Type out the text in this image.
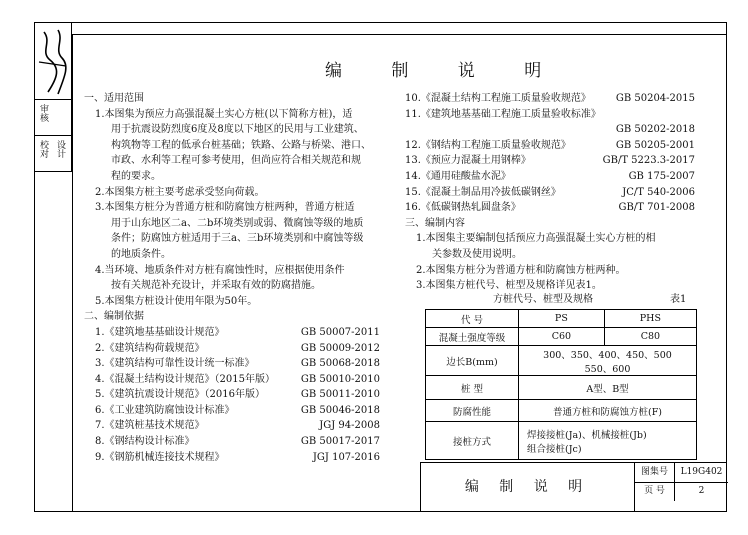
审核
校对 设计
编 制 说 明
一、适用范围
1.本图集为预应力高强混凝土实心方桩(以下简称方桩)，适
用于抗震设防烈度6度及8度以下地区的民用与工业建筑、
构筑物等工程的低承台桩基础；铁路、公路与桥梁、港口、
市政、水利等工程可参考使用，但尚应符合相关规范和规
程的要求。
2.本图集方桩主要考虑承受竖向荷载。
3.本图集方桩分为普通方桩和防腐蚀方桩两种，普通方桩适
用于山东地区二a、二b环境类别或弱、微腐蚀等级的地质
条件；防腐蚀方桩适用于三a、三b环境类别和中腐蚀等级
的地质条件。
4.当环境、地质条件对方桩有腐蚀性时，应根据使用条件
按有关规范补充设计，并采取有效的防腐措施。
5.本图集方桩设计使用年限为50年。
二、编制依据
1.《建筑地基基础设计规范》	GB 50007-2011
2.《建筑结构荷载规范》	GB 50009-2012
3.《建筑结构可靠性设计统一标准》	GB 50068-2018
4.《混凝土结构设计规范》（2015年版）	GB 50010-2010
5.《建筑抗震设计规范》（2016年版）	GB 50011-2010
6.《工业建筑防腐蚀设计标准》	GB 50046-2018
7.《建筑桩基技术规范》	JGJ 94-2008
8.《钢结构设计标准》	GB 50017-2017
9.《钢筋机械连接技术规程》	JGJ 107-2016
10.《混凝土结构工程施工质量验收规范》	GB 50204-2015
11.《建筑地基基础工程施工质量验收标准》
GB 50202-2018
12.《钢结构工程施工质量验收规范》	GB 50205-2001
13.《预应力混凝土用钢棒》	GB/T 5223.3-2017
14.《通用硅酸盐水泥》	GB 175-2007
15.《混凝土制品用冷拔低碳钢丝》	JC/T 540-2006
16.《低碳钢热轧圆盘条》	GB/T 701-2008
三、编制内容
1.本图集主要编制包括预应力高强混凝土实心方桩的相
关参数及使用说明。
2.本图集方桩分为普通方桩和防腐蚀方桩两种。
3.本图集方桩代号、桩型及规格详见表1。
方桩代号、桩型及规格	表1
代 号	PS	PHS
混凝土强度等级	C60	C80
边长B(mm)	300、350、400、450、500
550、600	

桩 型	A型、B型	
防腐性能	普通方桩和防腐蚀方桩(F)	
接桩方式	焊接接桩(Ja)、机械接桩(Jb)
组合接桩(Jc)	
编 制 说 明
图集号	L19G402
页 号	2
